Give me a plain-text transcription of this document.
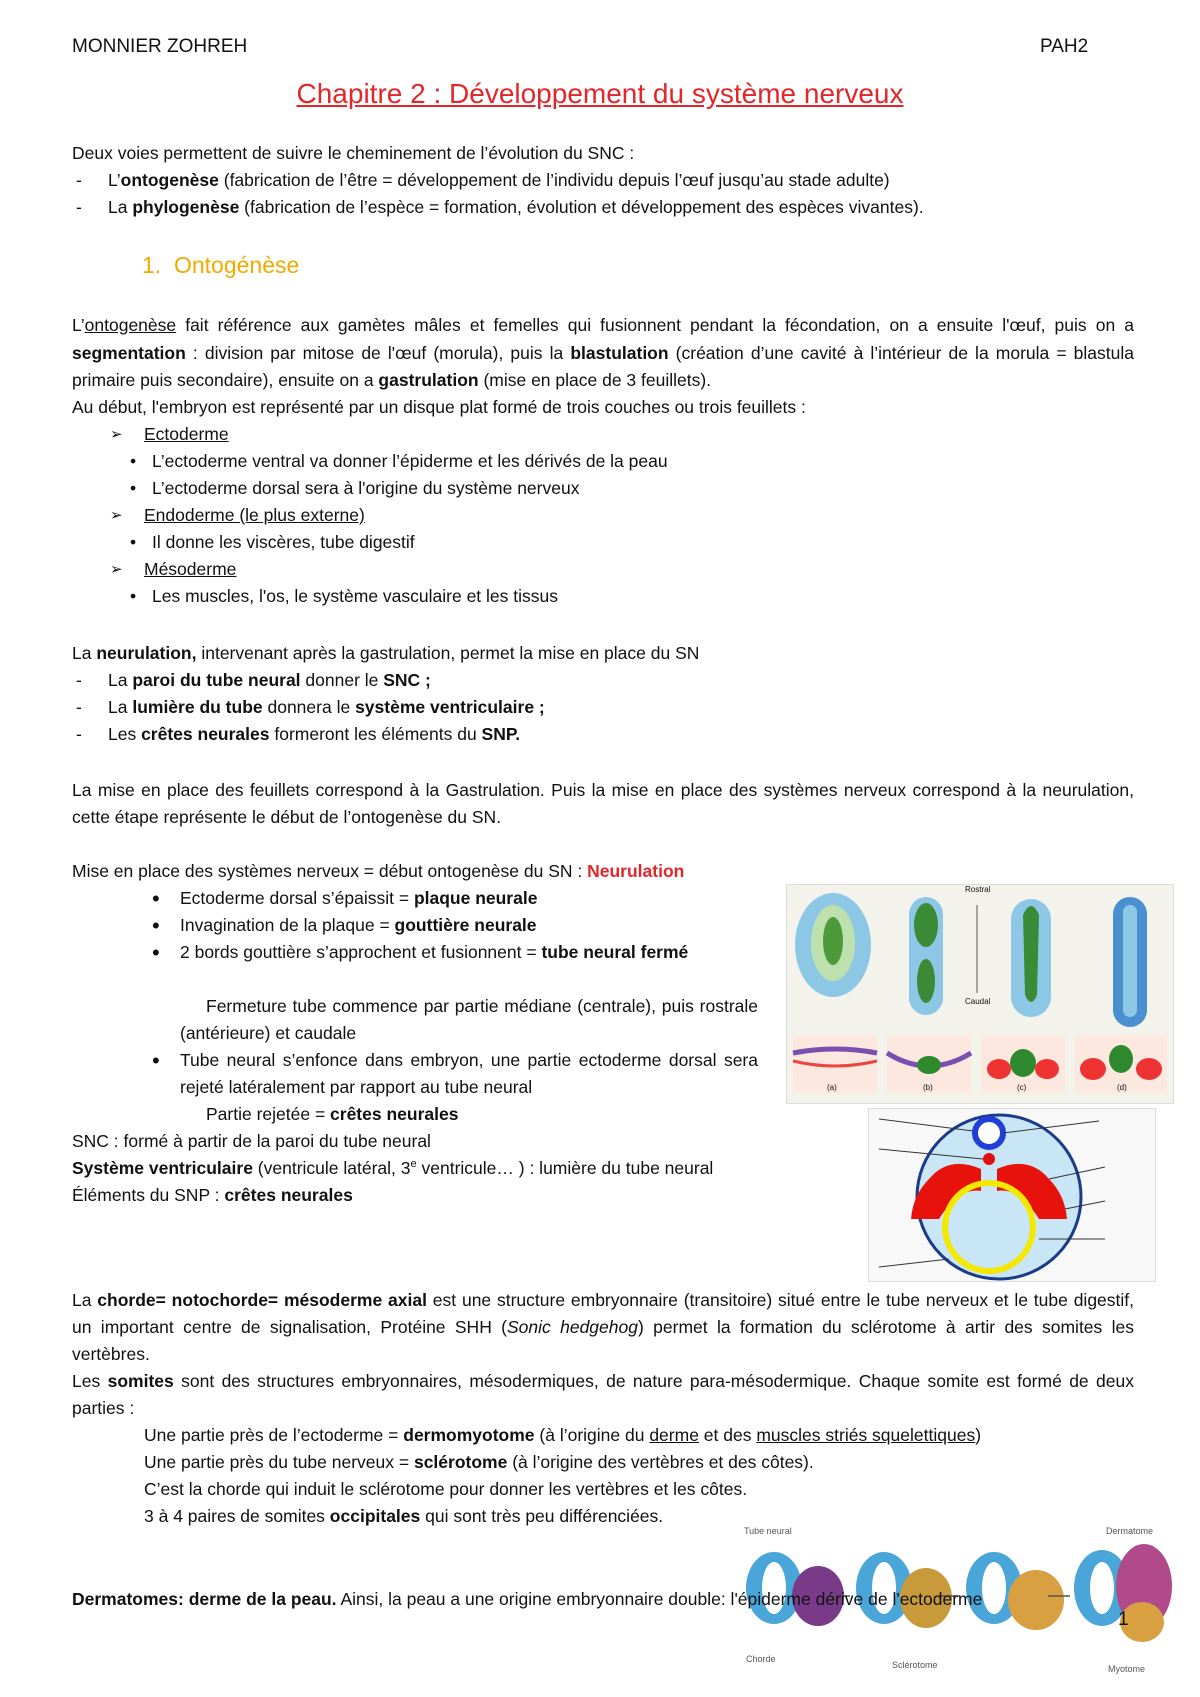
MONNIER ZOHREH	PAH2
Chapitre 2 : Développement du système nerveux
Deux voies permettent de suivre le cheminement de l’évolution du SNC :
- L’ontogenèse (fabrication de l’être = développement de l’individu depuis l’œuf jusqu’au stade adulte)
- La phylogenèse (fabrication de l’espèce = formation, évolution et développement des espèces vivantes).
1. Ontogénèse
L’ontogenèse fait référence aux gamètes mâles et femelles qui fusionnent pendant la fécondation, on a ensuite l'œuf, puis on a segmentation : division par mitose de l'œuf (morula), puis la blastulation (création d’une cavité à l’intérieur de la morula = blastula primaire puis secondaire), ensuite on a gastrulation (mise en place de 3 feuillets).
Au début, l'embryon est représenté par un disque plat formé de trois couches ou trois feuillets :
➢ Ectoderme
• L’ectoderme ventral va donner l’épiderme et les dérivés de la peau
• L’ectoderme dorsal sera à l'origine du système nerveux
➢ Endoderme (le plus externe)
• Il donne les viscères, tube digestif
➢ Mésoderme
• Les muscles, l'os, le système vasculaire et les tissus
La neurulation, intervenant après la gastrulation, permet la mise en place du SN
- La paroi du tube neural donner le SNC ;
- La lumière du tube donnera le système ventriculaire ;
- Les crêtes neurales formeront les éléments du SNP.
La mise en place des feuillets correspond à la Gastrulation. Puis la mise en place des systèmes nerveux correspond à la neurulation, cette étape représente le début de l’ontogenèse du SN.
Mise en place des systèmes nerveux = début ontogenèse du SN : Neurulation
• Ectoderme dorsal s’épaissit = plaque neurale
• Invagination de la plaque = gouttière neurale
• 2 bords gouttière s’approchent et fusionnent = tube neural fermé
Fermeture tube commence par partie médiane (centrale), puis rostrale (antérieure) et caudale
• Tube neural s’enfonce dans embryon, une partie ectoderme dorsal sera rejeté latéralement par rapport au tube neural
Partie rejetée = crêtes neurales
SNC : formé à partir de la paroi du tube neural
Système ventriculaire (ventricule latéral, 3e ventricule… ) : lumière du tube neural
Éléments du SNP : crêtes neurales
Rostral
Caudal
(a)	(b)	(c)	(d)
La chorde= notochorde= mésoderme axial est une structure embryonnaire (transitoire) situé entre le tube nerveux et le tube digestif, un important centre de signalisation, Protéine SHH (Sonic hedgehog) permet la formation du sclérotome à artir des somites les vertèbres.
Les somites sont des structures embryonnaires, mésodermiques, de nature para-mésodermique. Chaque somite est formé de deux parties :
Une partie près de l’ectoderme = dermomyotome (à l’origine du derme et des muscles striés squelettiques)
Une partie près du tube nerveux = sclérotome (à l’origine des vertèbres et des côtes).
C’est la chorde qui induit le sclérotome pour donner les vertèbres et les côtes.
3 à 4 paires de somites occipitales qui sont très peu différenciées.
Tube neural
Chorde
Sclérotome
Dermatome
Myotome
Dermatomes: derme de la peau. Ainsi, la peau a une origine embryonnaire double: l'épiderme dérive de l'ectoderme
1
